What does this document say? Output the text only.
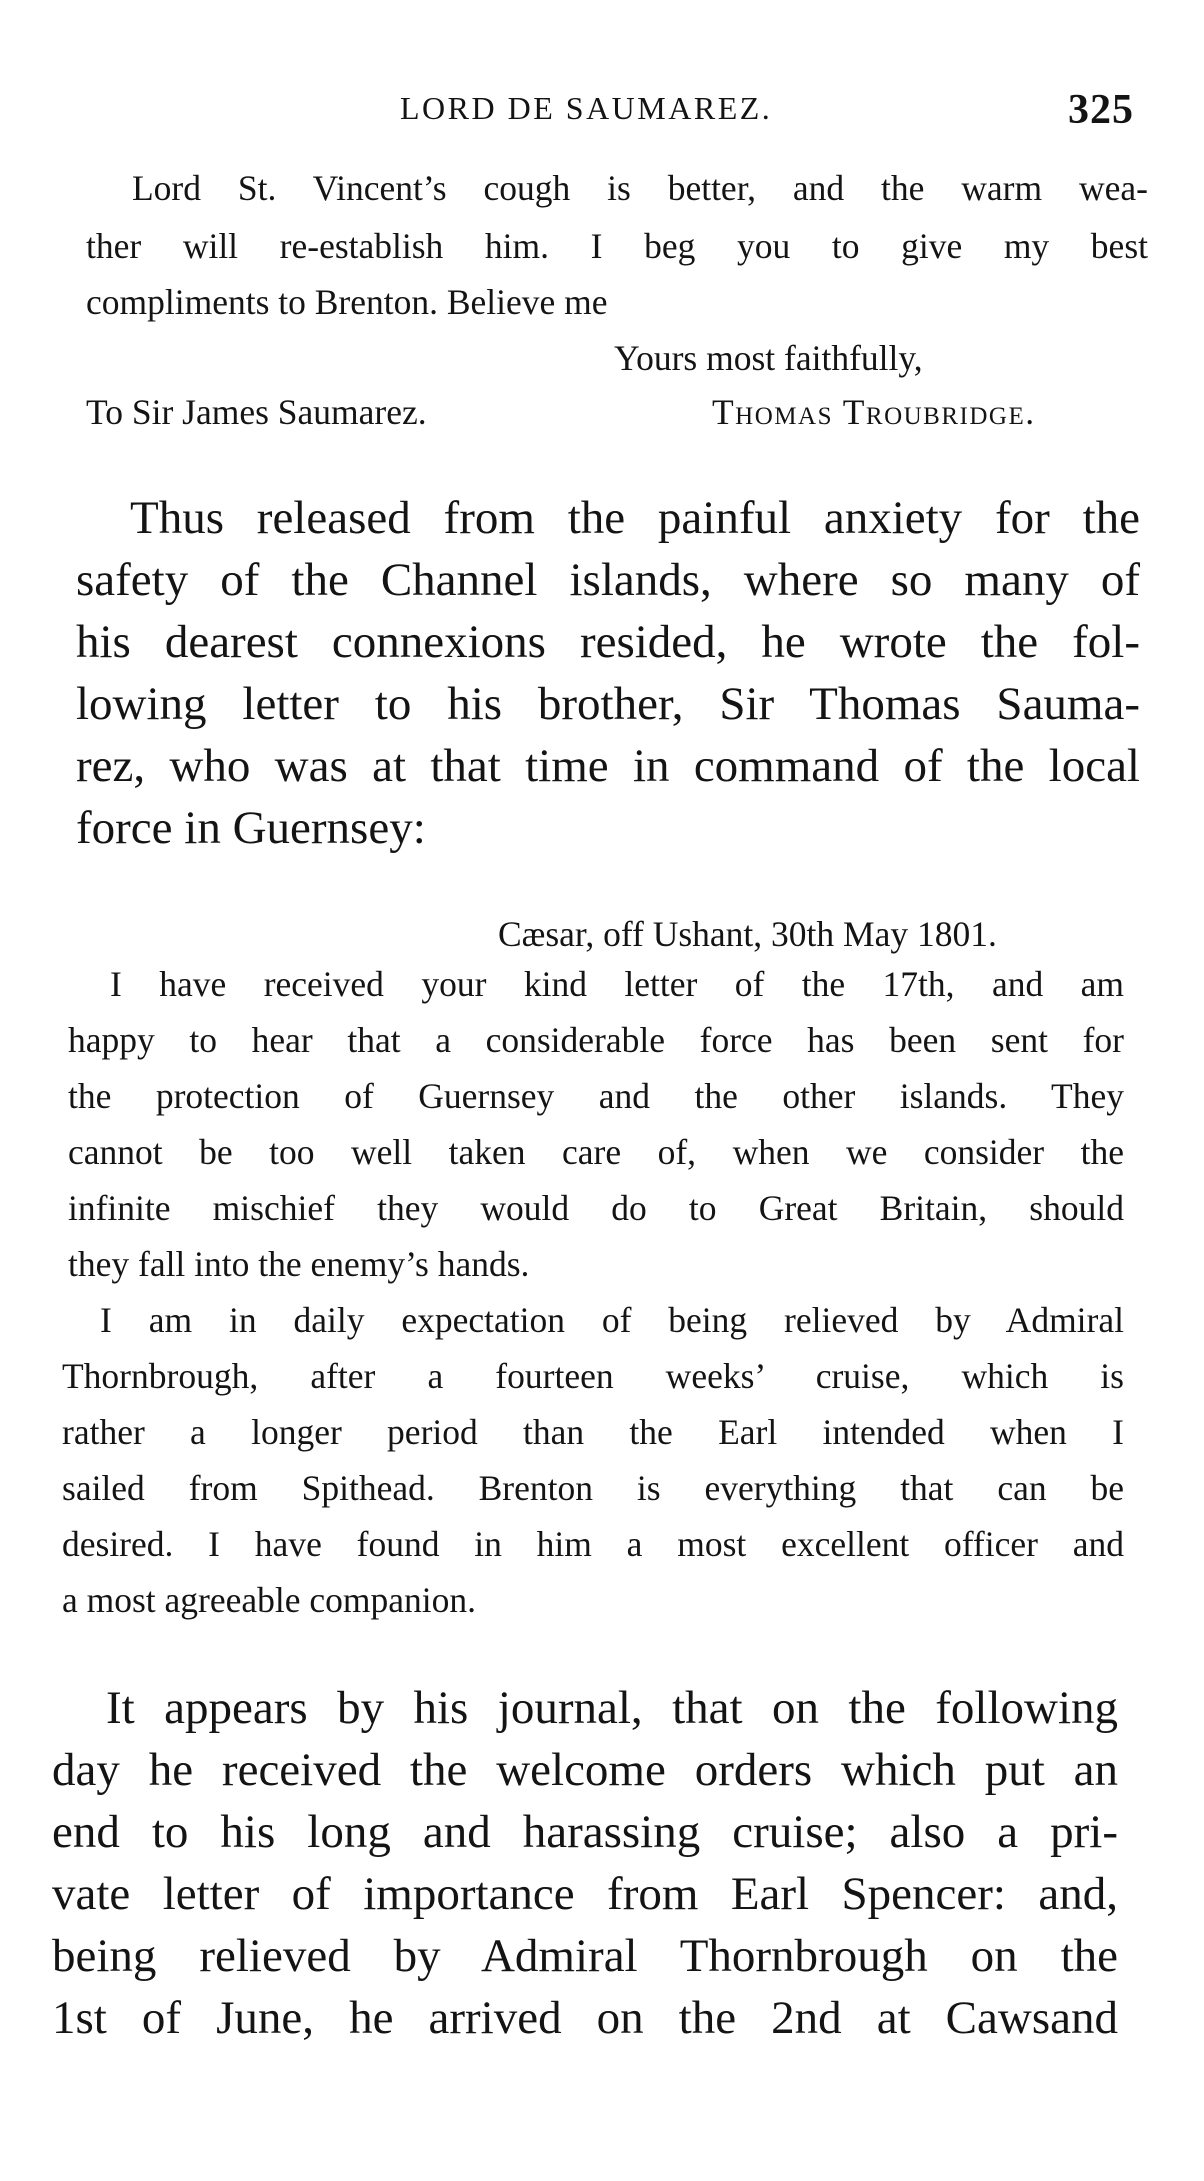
LORD DE SAUMAREZ.	325
Lord St. Vincent’s cough is better, and the warm wea-
ther will re-establish him. I beg you to give my best
compliments to Brenton. Believe me
Yours most faithfully,
To Sir James Saumarez.	Thomas Troubridge.
Thus released from the painful anxiety for the
safety of the Channel islands, where so many of
his dearest connexions resided, he wrote the fol-
lowing letter to his brother, Sir Thomas Sauma-
rez, who was at that time in command of the local
force in Guernsey:
Cæsar, off Ushant, 30th May 1801.
I have received your kind letter of the 17th, and am
happy to hear that a considerable force has been sent for
the protection of Guernsey and the other islands. They
cannot be too well taken care of, when we consider the
infinite mischief they would do to Great Britain, should
they fall into the enemy’s hands.
I am in daily expectation of being relieved by Admiral
Thornbrough, after a fourteen weeks’ cruise, which is
rather a longer period than the Earl intended when I
sailed from Spithead. Brenton is everything that can be
desired. I have found in him a most excellent officer and
a most agreeable companion.
It appears by his journal, that on the following
day he received the welcome orders which put an
end to his long and harassing cruise; also a pri-
vate letter of importance from Earl Spencer: and,
being relieved by Admiral Thornbrough on the
1st of June, he arrived on the 2nd at Cawsand
